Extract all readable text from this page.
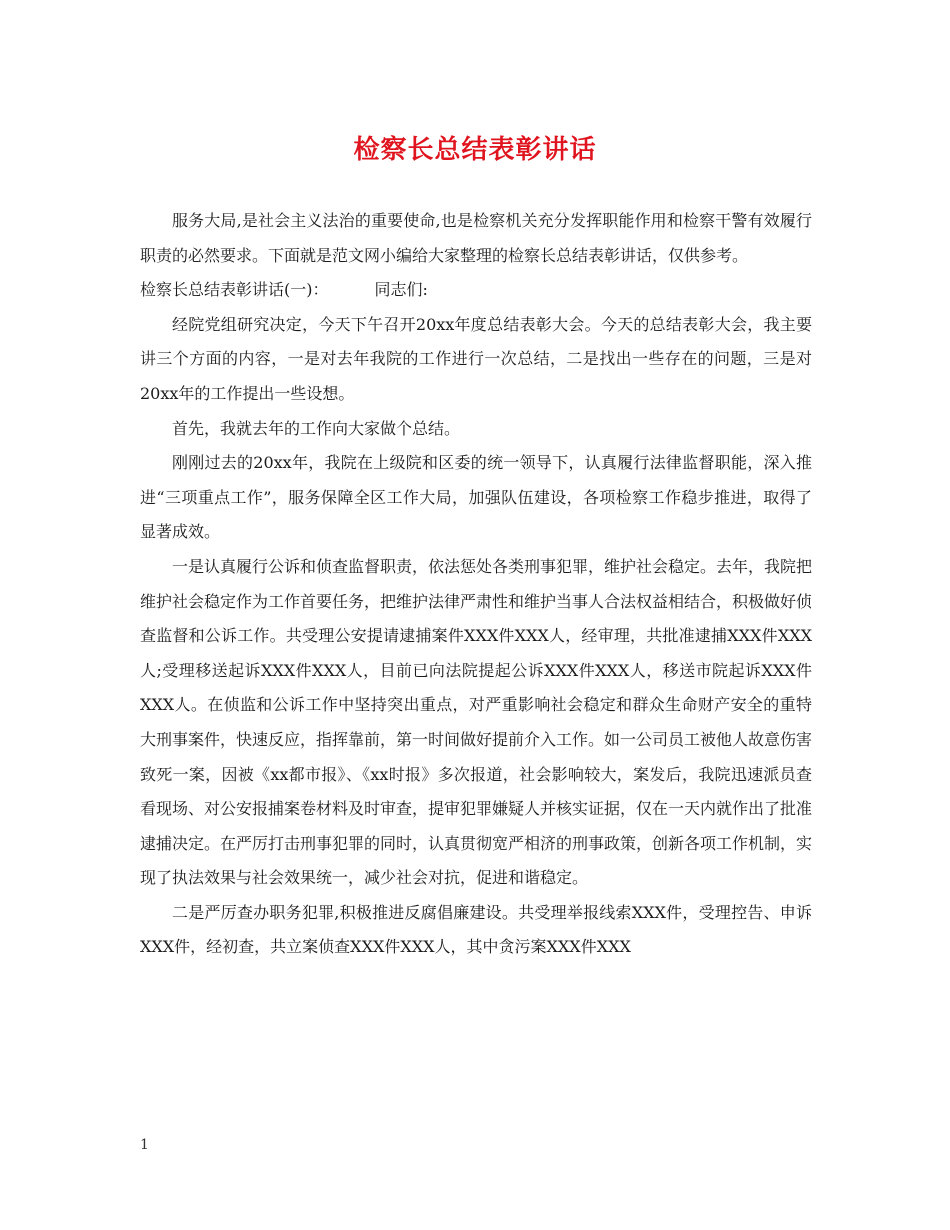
检察长总结表彰讲话

服务大局,是社会主义法治的重要使命,也是检察机关充分发挥职能作用和检察干警有效履行职责的必然要求。下面就是范文网小编给大家整理的检察长总结表彰讲话，仅供参考。

检察长总结表彰讲话(一)：	同志们:

经院党组研究决定，今天下午召开20xx年度总结表彰大会。今天的总结表彰大会，我主要讲三个方面的内容，一是对去年我院的工作进行一次总结，二是找出一些存在的问题，三是对20xx年的工作提出一些设想。

首先，我就去年的工作向大家做个总结。

刚刚过去的20xx年，我院在上级院和区委的统一领导下，认真履行法律监督职能，深入推进“三项重点工作”，服务保障全区工作大局，加强队伍建设，各项检察工作稳步推进，取得了显著成效。

一是认真履行公诉和侦查监督职责，依法惩处各类刑事犯罪，维护社会稳定。去年，我院把维护社会稳定作为工作首要任务，把维护法律严肃性和维护当事人合法权益相结合，积极做好侦查监督和公诉工作。共受理公安提请逮捕案件XXX件XXX人，经审理，共批准逮捕XXX件XXX人;受理移送起诉XXX件XXX人，目前已向法院提起公诉XXX件XXX人，移送市院起诉XXX件XXX人。在侦监和公诉工作中坚持突出重点，对严重影响社会稳定和群众生命财产安全的重特大刑事案件，快速反应，指挥靠前，第一时间做好提前介入工作。如一公司员工被他人故意伤害致死一案，因被《xx都市报》、《xx时报》多次报道，社会影响较大，案发后，我院迅速派员查看现场、对公安报捕案卷材料及时审查，提审犯罪嫌疑人并核实证据，仅在一天内就作出了批准逮捕决定。在严厉打击刑事犯罪的同时，认真贯彻宽严相济的刑事政策，创新各项工作机制，实现了执法效果与社会效果统一，减少社会对抗，促进和谐稳定。

二是严厉查办职务犯罪,积极推进反腐倡廉建设。共受理举报线索XXX件，受理控告、申诉XXX件，经初查，共立案侦查XXX件XXX人，其中贪污案XXX件XXX

1
